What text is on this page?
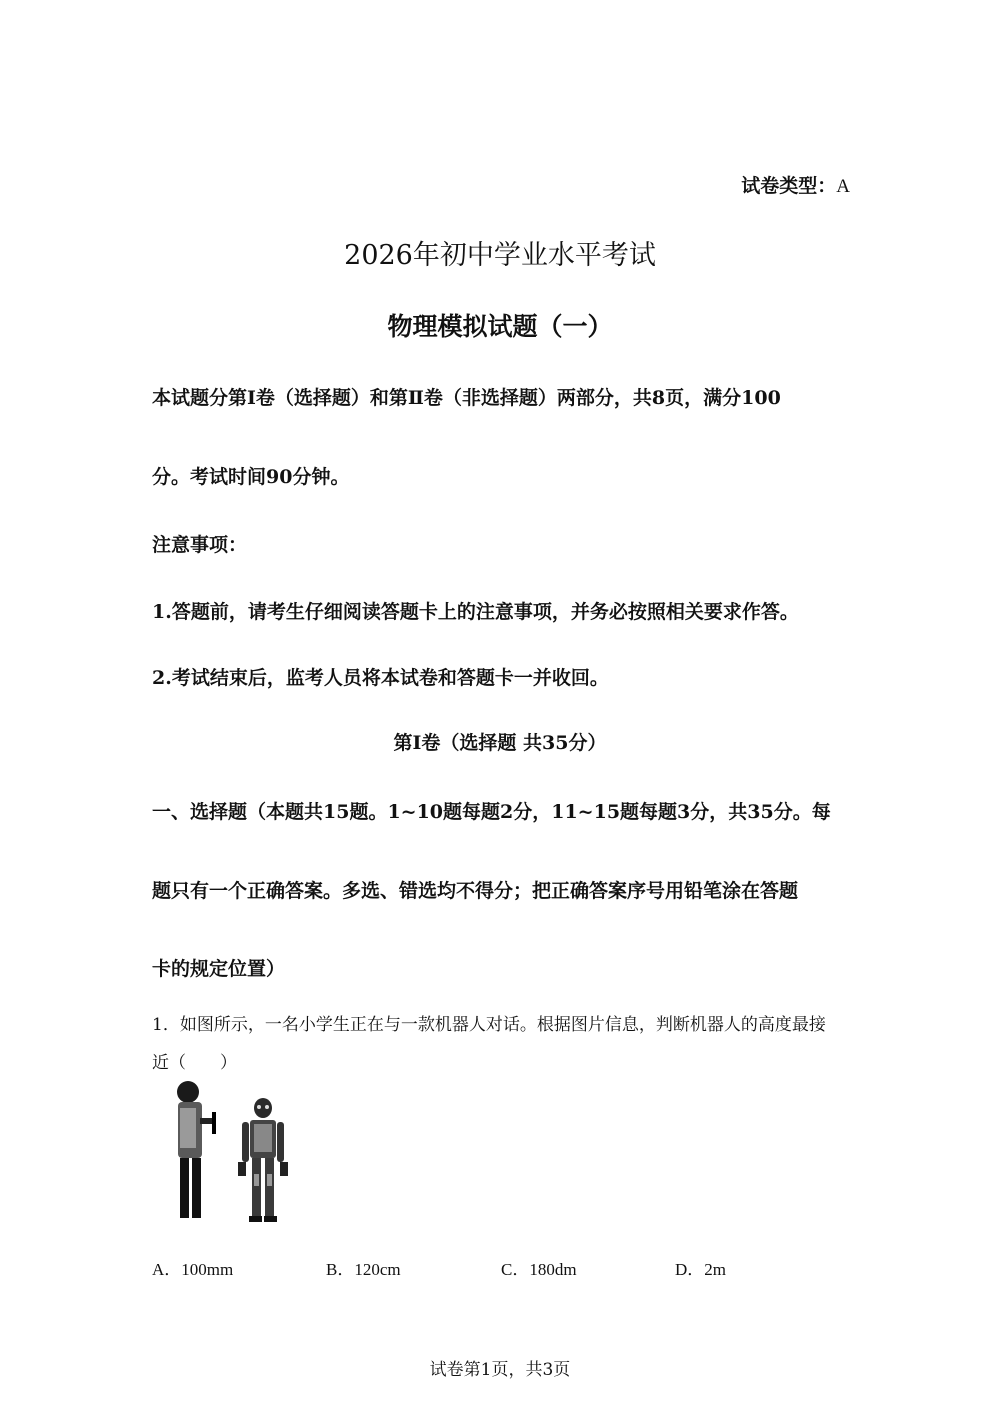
试卷类型：A
2026年初中学业水平考试
物理模拟试题（一）
本试题分第Ⅰ卷（选择题）和第Ⅱ卷（非选择题）两部分，共8页，满分100
分。考试时间90分钟。
注意事项：
1.答题前，请考生仔细阅读答题卡上的注意事项，并务必按照相关要求作答。
2.考试结束后，监考人员将本试卷和答题卡一并收回。
第Ⅰ卷（选择题 共35分）
一、选择题（本题共15题。1~10题每题2分，11~15题每题3分，共35分。每
题只有一个正确答案。多选、错选均不得分；把正确答案序号用铅笔涂在答题
卡的规定位置）
1．如图所示，一名小学生正在与一款机器人对话。根据图片信息，判断机器人的高度最接
近（　　）
A．100mm	B．120cm	C．180dm	D．2m
试卷第1页，共3页
